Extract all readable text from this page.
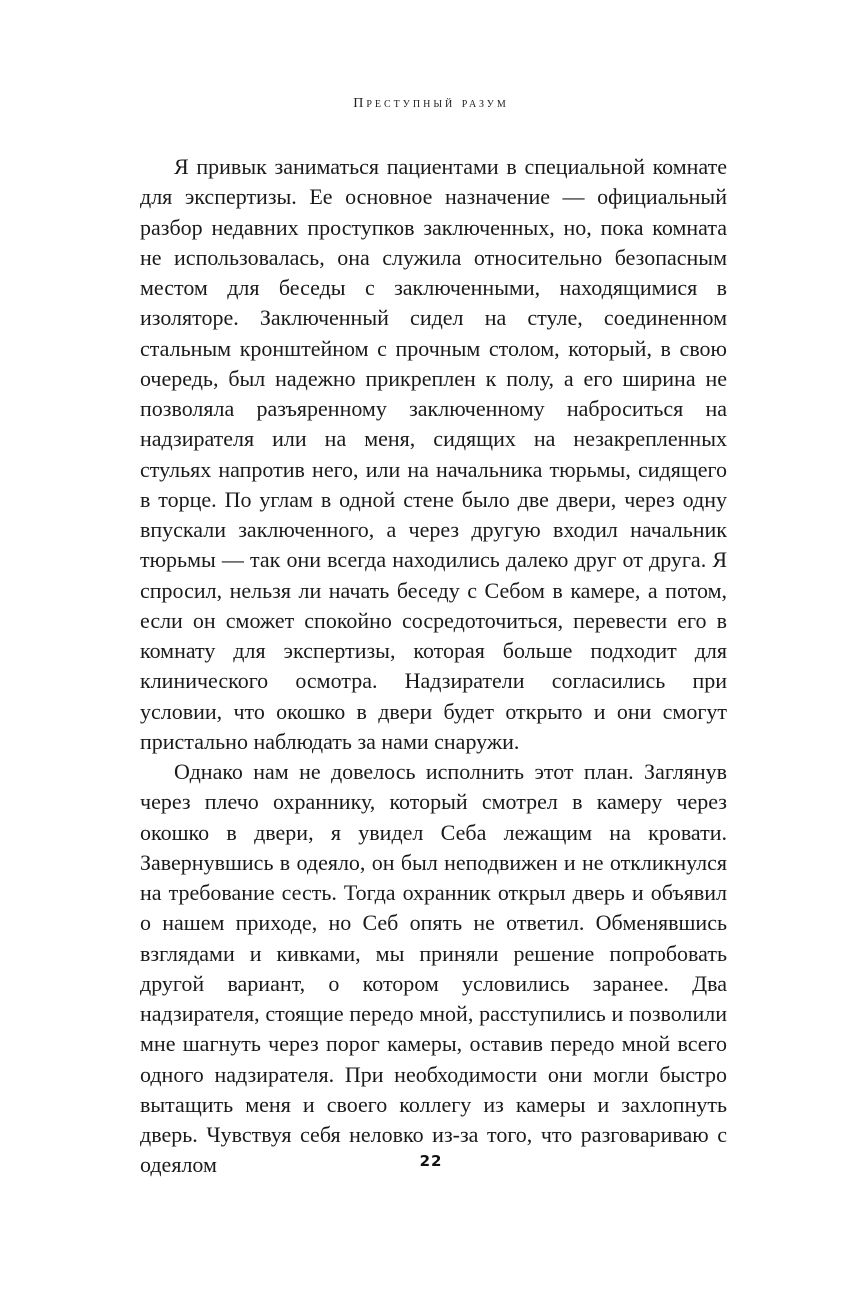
Преступный разум

Я привык заниматься пациентами в специальной комнате для экспертизы. Ее основное назначение — официальный разбор недавних проступков заключенных, но, пока комната не использовалась, она служила относительно безопасным местом для беседы с заключенными, находящимися в изоляторе. Заключенный сидел на стуле, соединенном стальным кронштейном с прочным столом, который, в свою очередь, был надежно прикреплен к полу, а его ширина не позволяла разъяренному заключенному наброситься на надзирателя или на меня, сидящих на незакрепленных стульях напротив него, или на начальника тюрьмы, сидящего в торце. По углам в одной стене было две двери, через одну впускали заключенного, а через другую входил начальник тюрьмы — так они всегда находились далеко друг от друга. Я спросил, нельзя ли начать беседу с Себом в камере, а потом, если он сможет спокойно сосредоточиться, перевести его в комнату для экспертизы, которая больше подходит для клинического осмотра. Надзиратели согласились при условии, что окошко в двери будет открыто и они смогут пристально наблюдать за нами снаружи.

Однако нам не довелось исполнить этот план. Заглянув через плечо охраннику, который смотрел в камеру через окошко в двери, я увидел Себа лежащим на кровати. Завернувшись в одеяло, он был неподвижен и не откликнулся на требование сесть. Тогда охранник открыл дверь и объявил о нашем приходе, но Себ опять не ответил. Обменявшись взглядами и кивками, мы приняли решение попробовать другой вариант, о котором условились заранее. Два надзирателя, стоящие передо мной, расступились и позволили мне шагнуть через порог камеры, оставив передо мной всего одного надзирателя. При необходимости они могли быстро вытащить меня и своего коллегу из камеры и захлопнуть дверь. Чувствуя себя неловко из-за того, что разговариваю с одеялом	22
